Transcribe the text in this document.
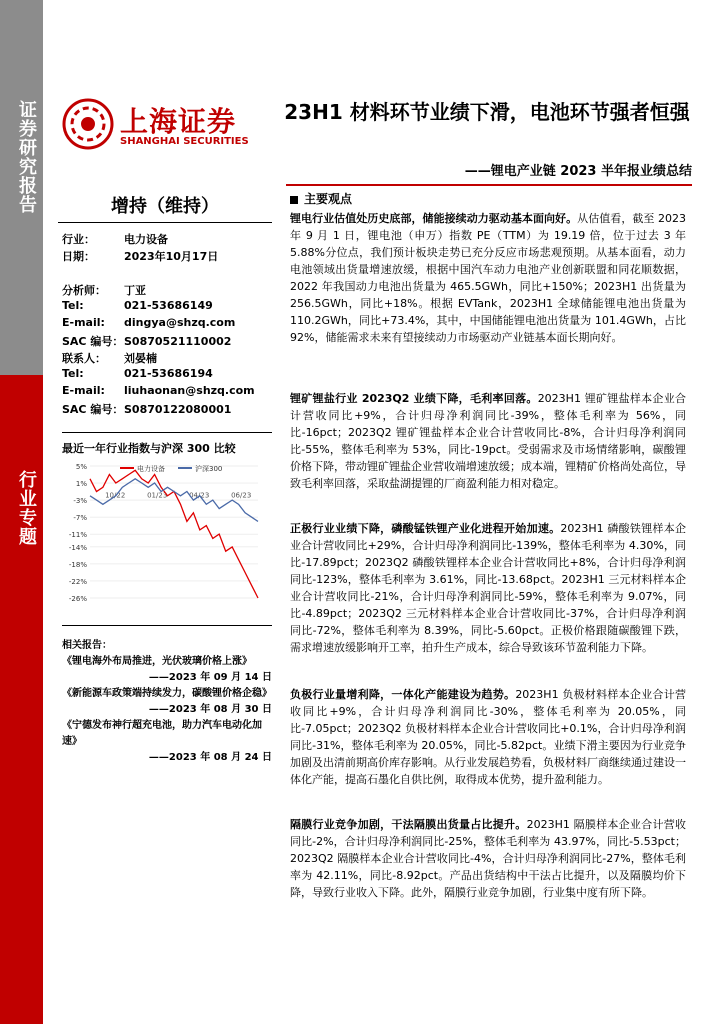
证券研究报告
行业专题
上海证券
SHANGHAI SECURITIES
23H1 材料环节业绩下滑，电池环节强者恒强
——锂电产业链 2023 半年报业绩总结
增持（维持）
行业：	电力设备
日期：	2023年10月17日
分析师： 丁亚
Tel:	021-53686149
E-mail: dingya@shzq.com
SAC 编号：S0870521110002
联系人： 刘晏楠
Tel:	021-53686194
E-mail: liuhaonan@shzq.com
SAC 编号：S0870122080001
最近一年行业指数与沪深 300 比较
5%
1%
-3%
-7%
-11%
-14%
-18%
-22%
-26%
10/22	01/23	04/23	06/23
电力设备	沪深300
相关报告：
《锂电海外布局推进，光伏玻璃价格上涨》
——2023 年 09 月 14 日
《新能源车政策端持续发力，碳酸锂价格企稳》
——2023 年 08 月 30 日
《宁德发布神行超充电池，助力汽车电动化加速》
——2023 年 08 月 24 日
主要观点
锂电行业估值处历史底部，储能接续动力驱动基本面向好。从估值看，截至 2023 年 9 月 1 日，锂电池（申万）指数 PE（TTM）为 19.19 倍，位于过去 3 年 5.88%分位点，我们预计板块走势已充分反应市场悲观预期。从基本面看，动力电池领域出货量增速放缓，根据中国汽车动力电池产业创新联盟和同花顺数据，2022 年我国动力电池出货量为 465.5GWh，同比+150%；2023H1 出货量为 256.5GWh，同比+18%。根据 EVTank，2023H1 全球储能锂电池出货量为 110.2GWh，同比+73.4%，其中，中国储能锂电池出货量为 101.4GWh，占比 92%，储能需求未来有望接续动力市场驱动产业链基本面长期向好。
锂矿锂盐行业 2023Q2 业绩下降，毛利率回落。2023H1 锂矿锂盐样本企业合计营收同比+9%，合计归母净利润同比-39%，整体毛利率为 56%，同比-16pct；2023Q2 锂矿锂盐样本企业合计营收同比-8%，合计归母净利润同比-55%，整体毛利率为 53%，同比-19pct。受弱需求及市场情绪影响，碳酸锂价格下降，带动锂矿锂盐企业营收端增速放缓；成本端，锂精矿价格尚处高位，导致毛利率回落，采取盐湖提锂的厂商盈利能力相对稳定。
正极行业业绩下降，磷酸锰铁锂产业化进程开始加速。2023H1 磷酸铁锂样本企业合计营收同比+29%，合计归母净利润同比-139%，整体毛利率为 4.30%，同比-17.89pct；2023Q2 磷酸铁锂样本企业合计营收同比+8%，合计归母净利润同比-123%，整体毛利率为 3.61%，同比-13.68pct。2023H1 三元材料样本企业合计营收同比-21%，合计归母净利润同比-59%，整体毛利率为 9.07%，同比-4.89pct；2023Q2 三元材料样本企业合计营收同比-37%，合计归母净利润同比-72%，整体毛利率为 8.39%，同比-5.60pct。正极价格跟随碳酸锂下跌，需求增速放缓影响开工率，拍升生产成本，综合导致该环节盈利能力下降。
负极行业量增利降，一体化产能建设为趋势。2023H1 负极材料样本企业合计营收同比+9%，合计归母净利润同比-30%，整体毛利率为 20.05%，同比-7.05pct；2023Q2 负极材料样本企业合计营收同比+0.1%，合计归母净利润同比-31%，整体毛利率为 20.05%，同比-5.82pct。业绩下滑主要因为行业竞争加剧及出清前期高价库存影响。从行业发展趋势看，负极材料厂商继续通过建设一体化产能，提高石墨化自供比例，取得成本优势，提升盈利能力。
隔膜行业竞争加剧，干法隔膜出货量占比提升。2023H1 隔膜样本企业合计营收同比-2%，合计归母净利润同比-25%，整体毛利率为 43.97%，同比-5.53pct；2023Q2 隔膜样本企业合计营收同比-4%，合计归母净利润同比-27%，整体毛利率为 42.11%，同比-8.92pct。产品出货结构中干法占比提升，以及隔膜均价下降，导致行业收入下降。此外，隔膜行业竞争加剧，行业集中度有所下降。
